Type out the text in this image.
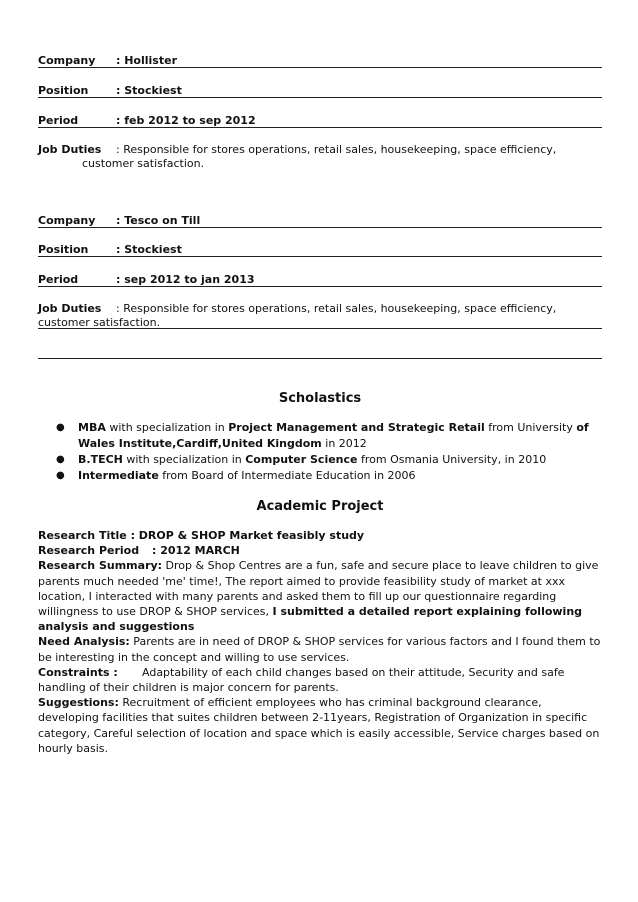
Company : Hollister
Position	: Stockiest
Period	: feb 2012 to sep 2012
Job Duties : Responsible for stores operations, retail sales, housekeeping, space efficiency,
customer satisfaction.
Company : Tesco on Till
Position	: Stockiest
Period	: sep 2012 to jan 2013
Job Duties : Responsible for stores operations, retail sales, housekeeping, space efficiency,
customer satisfaction.
Scholastics
● MBA with specialization in Project Management and Strategic Retail from University of
Wales Institute,Cardiff,United Kingdom in 2012
● B.TECH with specialization in Computer Science from Osmania University, in 2010
● Intermediate from Board of Intermediate Education in 2006
Academic Project

Research Title : DROP & SHOP Market feasibly study

Research Period : 2012 MARCH

Research Summary: Drop & Shop Centres are a fun, safe and secure place to leave children to give parents much needed 'me' time!, The report aimed to provide feasibility study of market at xxx location, I interacted with many parents and asked them to fill up our questionnaire regarding willingness to use DROP & SHOP services, I submitted a detailed report explaining following analysis and suggestions

Need Analysis: Parents are in need of DROP & SHOP services for various factors and I found them to be interesting in the concept and willing to use services.

Constraints : Adaptability of each child changes based on their attitude, Security and safe handling of their children is major concern for parents.

Suggestions: Recruitment of efficient employees who has criminal background clearance, developing facilities that suites children between 2-11years, Registration of Organization in specific category, Careful selection of location and space which is easily accessible, Service charges based on hourly basis.
